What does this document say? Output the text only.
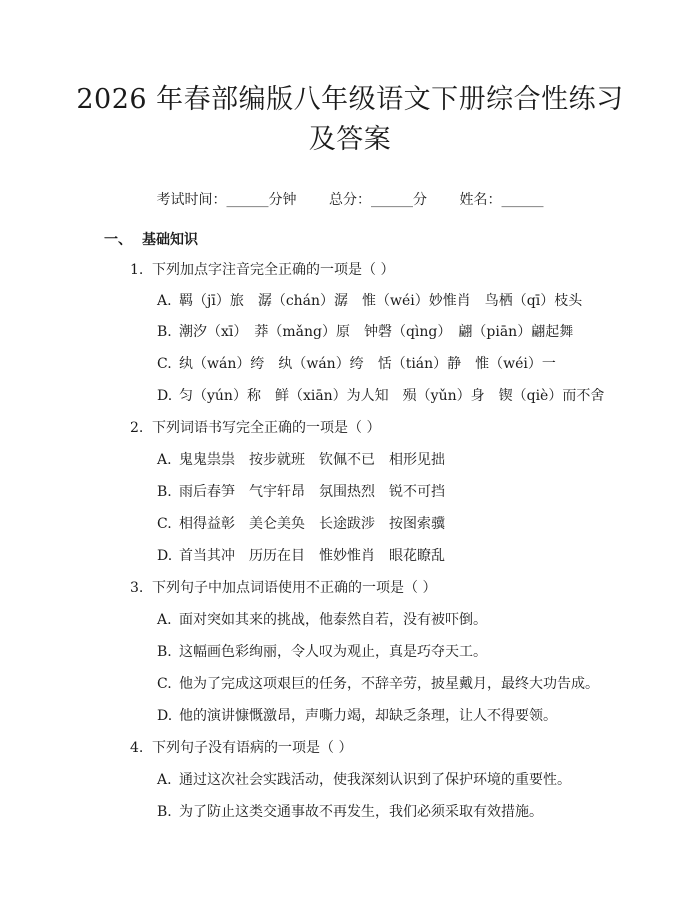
2026 年春部编版八年级语文下册综合性练习
及答案
考试时间：______分钟 总分：______分 姓名：______
一、 基础知识
1. 下列加点字注音完全正确的一项是（ ）
A. 羁（jī）旅　潺（chán）潺　惟（wéi）妙惟肖　鸟栖（qī）枝头
B. 潮汐（xī）　莽（mǎng）原　钟磬（qìng）　翩（piān）翩起舞
C. 纨（wán）绔　纨（wán）绔　恬（tián）静　惟（wéi）一
D. 匀（yún）称　鲜（xiān）为人知　殒（yǔn）身　锲（qiè）而不舍
2. 下列词语书写完全正确的一项是（ ）
A. 鬼鬼祟祟　按步就班　钦佩不已　相形见拙
B. 雨后春笋　气宇轩昂　氛围热烈　锐不可挡
C. 相得益彰　美仑美奂　长途跋涉　按图索骥
D. 首当其冲　历历在目　惟妙惟肖　眼花瞭乱
3. 下列句子中加点词语使用不正确的一项是（ ）
A. 面对突如其来的挑战，他泰然自若，没有被吓倒。
B. 这幅画色彩绚丽，令人叹为观止，真是巧夺天工。
C. 他为了完成这项艰巨的任务，不辞辛劳，披星戴月，最终大功告成。
D. 他的演讲慷慨激昂，声嘶力竭，却缺乏条理，让人不得要领。
4. 下列句子没有语病的一项是（ ）
A. 通过这次社会实践活动，使我深刻认识到了保护环境的重要性。
B. 为了防止这类交通事故不再发生，我们必须采取有效措施。
